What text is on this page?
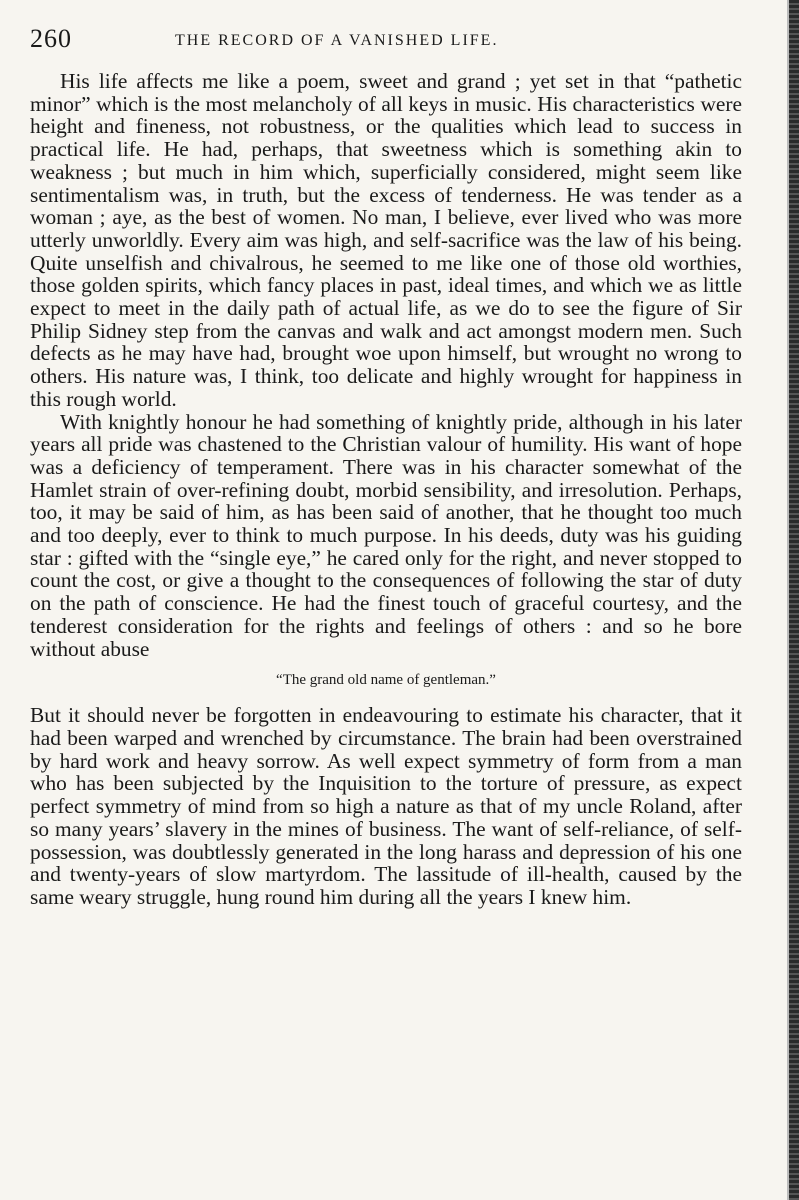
260	THE RECORD OF A VANISHED LIFE.

His life affects me like a poem, sweet and grand ; yet set in that “pathetic minor” which is the most melancholy of all keys in music. His characteristics were height and fineness, not robustness, or the qualities which lead to success in practical life. He had, perhaps, that sweetness which is something akin to weakness ; but much in him which, superficially considered, might seem like sentimentalism was, in truth, but the excess of tenderness. He was tender as a woman ; aye, as the best of women. No man, I believe, ever lived who was more utterly unworldly. Every aim was high, and self-sacrifice was the law of his being. Quite unselfish and chivalrous, he seemed to me like one of those old worthies, those golden spirits, which fancy places in past, ideal times, and which we as little expect to meet in the daily path of actual life, as we do to see the figure of Sir Philip Sidney step from the canvas and walk and act amongst modern men. Such defects as he may have had, brought woe upon himself, but wrought no wrong to others. His nature was, I think, too delicate and highly wrought for happiness in this rough world.

With knightly honour he had something of knightly pride, although in his later years all pride was chastened to the Christian valour of humility. His want of hope was a deficiency of temperament. There was in his character somewhat of the Hamlet strain of over-refining doubt, morbid sensibility, and irresolution. Perhaps, too, it may be said of him, as has been said of another, that he thought too much and too deeply, ever to think to much purpose. In his deeds, duty was his guiding star : gifted with the “single eye,” he cared only for the right, and never stopped to count the cost, or give a thought to the consequences of following the star of duty on the path of conscience. He had the finest touch of graceful courtesy, and the tenderest consideration for the rights and feelings of others : and so he bore without abuse

“The grand old name of gentleman.”

But it should never be forgotten in endeavouring to estimate his character, that it had been warped and wrenched by circumstance. The brain had been overstrained by hard work and heavy sorrow. As well expect symmetry of form from a man who has been subjected by the Inquisition to the torture of pressure, as expect perfect symmetry of mind from so high a nature as that of my uncle Roland, after so many years’ slavery in the mines of business. The want of self-reliance, of self-possession, was doubtlessly generated in the long harass and depression of his one and twenty-years of slow martyrdom. The lassitude of ill-health, caused by the same weary struggle, hung round him during all the years I knew him.
